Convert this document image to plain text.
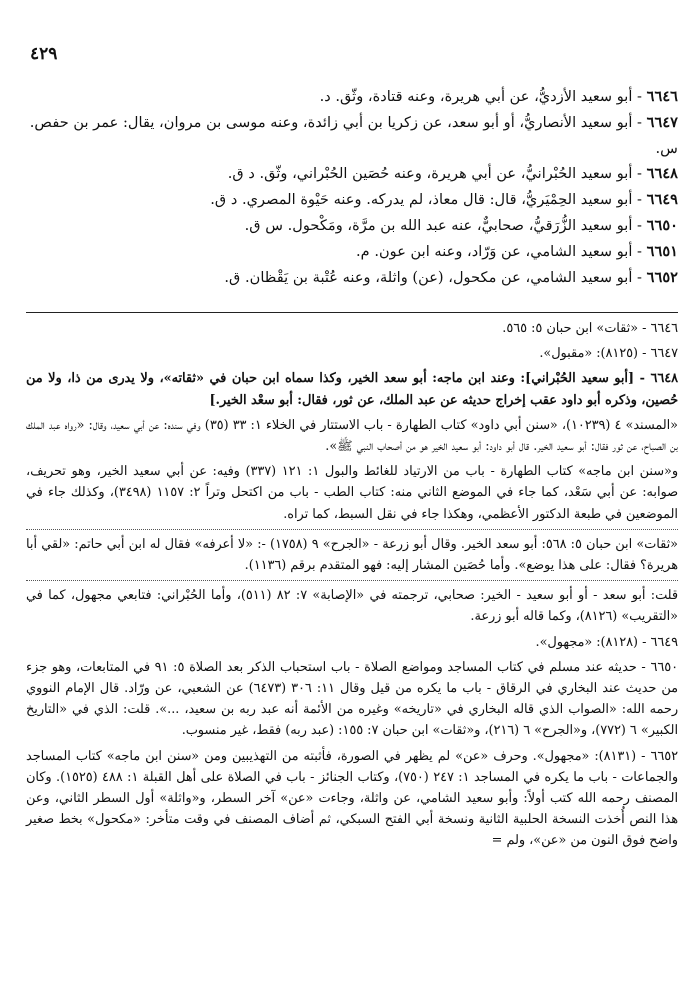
٤٢٩

٦٦٤٦ - أبو سعيد الأزديُّ، عن أبي هريرة، وعنه قتادة، وثّق. د.

٦٦٤٧ - أبو سعيد الأنصاريُّ، أو أبو سعد، عن زكريا بن أبي زائدة، وعنه موسى بن مروان، يقال: عمر بن حفص. س.

٦٦٤٨ - أبو سعيد الحُبْرانيُّ، عن أبي هريرة، وعنه حُصَين الحُبْراني، وثّق. د ق.

٦٦٤٩ - أبو سعيد الحِمْيَريُّ، قال: قال معاذ، لم يدركه. وعنه حَيْوة المصري. د ق.

٦٦٥٠ - أبو سعيد الزُّرَقيُّ، صحابيٌّ، عنه عبد الله بن مرَّة، ومَكْحول. س ق.

٦٦٥١ - أبو سعيد الشامي، عن وَرّاد، وعنه ابن عون. م.

٦٦٥٢ - أبو سعيد الشامي، عن مكحول، (عن) واثلة، وعنه عُتْبة بن يَقْظان. ق.

٦٦٤٦ - «ثقات» ابن حبان ٥: ٥٦٥.

٦٦٤٧ - (٨١٢٥): «مقبول».

٦٦٤٨ - [أبو سعيد الحُبْراني]: وعند ابن ماجه: أبو سعد الخير، وكذا سماه ابن حبان في «ثقاته»، ولا يدرى من ذا، ولا من حُصين، وذكره أبو داود عقب إخراج حديثه عن عبد الملك، عن ثور، فقال: أبو سعْد الخير.]

«المسند» ٤ (١٠٢٣٩)، «سنن أبي داود» كتاب الطهارة - باب الاستتار في الخلاء ١: ٣٣ (٣٥) وفي سنده: عن أبي سعيد، وقال: «رواه عبد الملك بن الصباح، عن ثور فقال: أبو سعيد الخير. قال أبو داود: أبو سعيد الخير هو من أصحاب النبي ﷺ».

و«سنن ابن ماجه» كتاب الطهارة - باب من الارتياد للغائط والبول ١: ١٢١ (٣٣٧) وفيه: عن أبي سعيد الخير، وهو تحريف، صوابه: عن أبي سَعْد، كما جاء في الموضع الثاني منه: كتاب الطب - باب من اكتحل وتراً ٢: ١١٥٧ (٣٤٩٨)، وكذلك جاء في الموضعين في طبعة الدكتور الأعظمي، وهكذا جاء في نقل السبط، كما تراه.

«ثقات» ابن حبان ٥: ٥٦٨: أبو سعد الخير. وقال أبو زرعة - «الجرح» ٩ (١٧٥٨) -: «لا أعرفه» فقال له ابن أبي حاتم: «لقي أبا هريرة؟ فقال: على هذا يوضع». وأما حُصَين المشار إليه: فهو المتقدم برقم (١١٣٦).

قلت: أبو سعد - أو أبو سعيد - الخير: صحابي، ترجمته في «الإصابة» ٧: ٨٢ (٥١١)، وأما الحُبْراني: فتابعي مجهول، كما في «التقريب» (٨١٢٦)، وكما قاله أبو زرعة.

٦٦٤٩ - (٨١٢٨): «مجهول».

٦٦٥٠ - حديثه عند مسلم في كتاب المساجد ومواضع الصلاة - باب استحباب الذكر بعد الصلاة ٥: ٩١ في المتابعات، وهو جزء من حديث عند البخاري في الرقاق - باب ما يكره من قيل وقال ١١: ٣٠٦ (٦٤٧٣) عن الشعبي، عن ورّاد. قال الإمام النووي رحمه الله: «الصواب الذي قاله البخاري في «تاريخه» وغيره من الأئمة أنه عبد ربه بن سعيد، ...». قلت: الذي في «التاريخ الكبير» ٦ (٧٧٢)، و«الجرح» ٦ (٢١٦)، و«ثقات» ابن حبان ٧: ١٥٥: (عبد ربه) فقط، غير منسوب.

٦٦٥٢ - (٨١٣١): «مجهول». وحرف «عن» لم يظهر في الصورة، فأثبته من التهذيبين ومن «سنن ابن ماجه» كتاب المساجد والجماعات - باب ما يكره في المساجد ١: ٢٤٧ (٧٥٠)، وكتاب الجنائز - باب في الصلاة على أهل القبلة ١: ٤٨٨ (١٥٢٥). وكان المصنف رحمه الله كتب أولاً: وأبو سعيد الشامي، عن واثلة، وجاءت «عن» آخر السطر، و«واثلة» أول السطر الثاني، وعن هذا النص أُخذت النسخة الحلبية الثانية ونسخة أبي الفتح السبكي، ثم أضاف المصنف في وقت متأخر: «مكحول» بخط صغير واضح فوق النون من «عن»، ولم =
